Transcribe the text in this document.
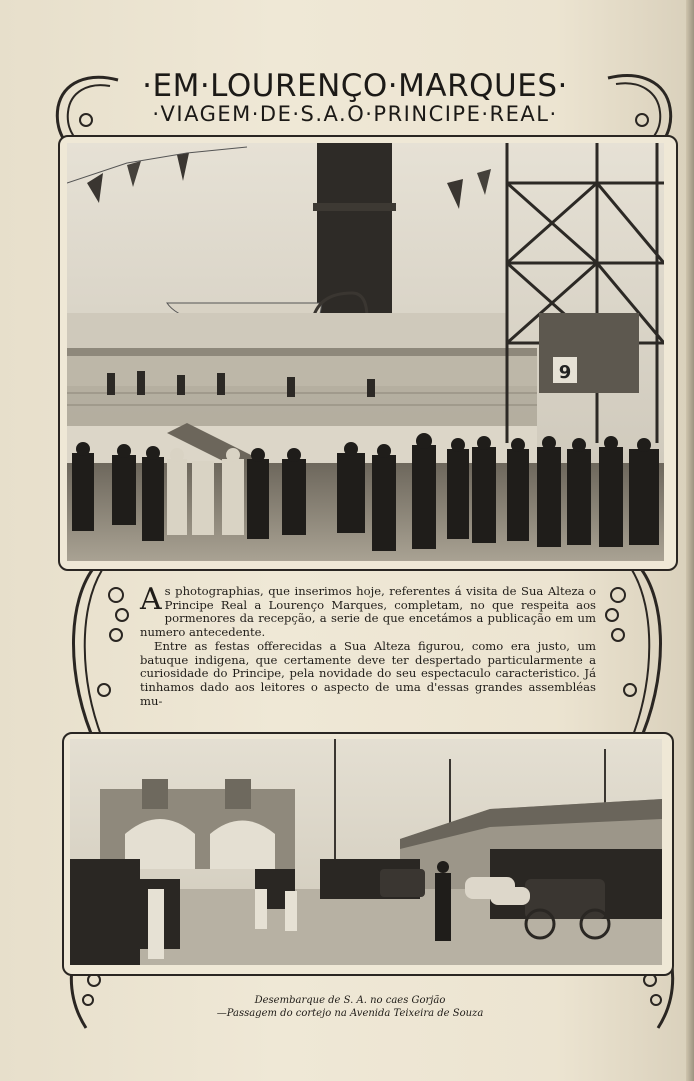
·EM·LOURENÇO·MARQUES·
·VIAGEM·DE·S.A.O·PRINCIPE·REAL·
9

As photographias, que inserimos hoje, referentes á visita de Sua Alteza o Principe Real a Lourenço Marques, completam, no que respeita aos pormenores da recepção, a serie de que encetámos a publicação em um numero antecedente.

Entre as festas offerecidas a Sua Alteza figurou, como era justo, um batuque indigena, que certamente deve ter despertado particularmente a curiosidade do Principe, pela novidade do seu espectaculo caracteristico. Já tinhamos dado aos leitores o aspecto de uma d'essas grandes assembléas mu-

Desembarque de S. A. no caes Gorjão
—Passagem do cortejo na Avenida Teixeira de Souza
